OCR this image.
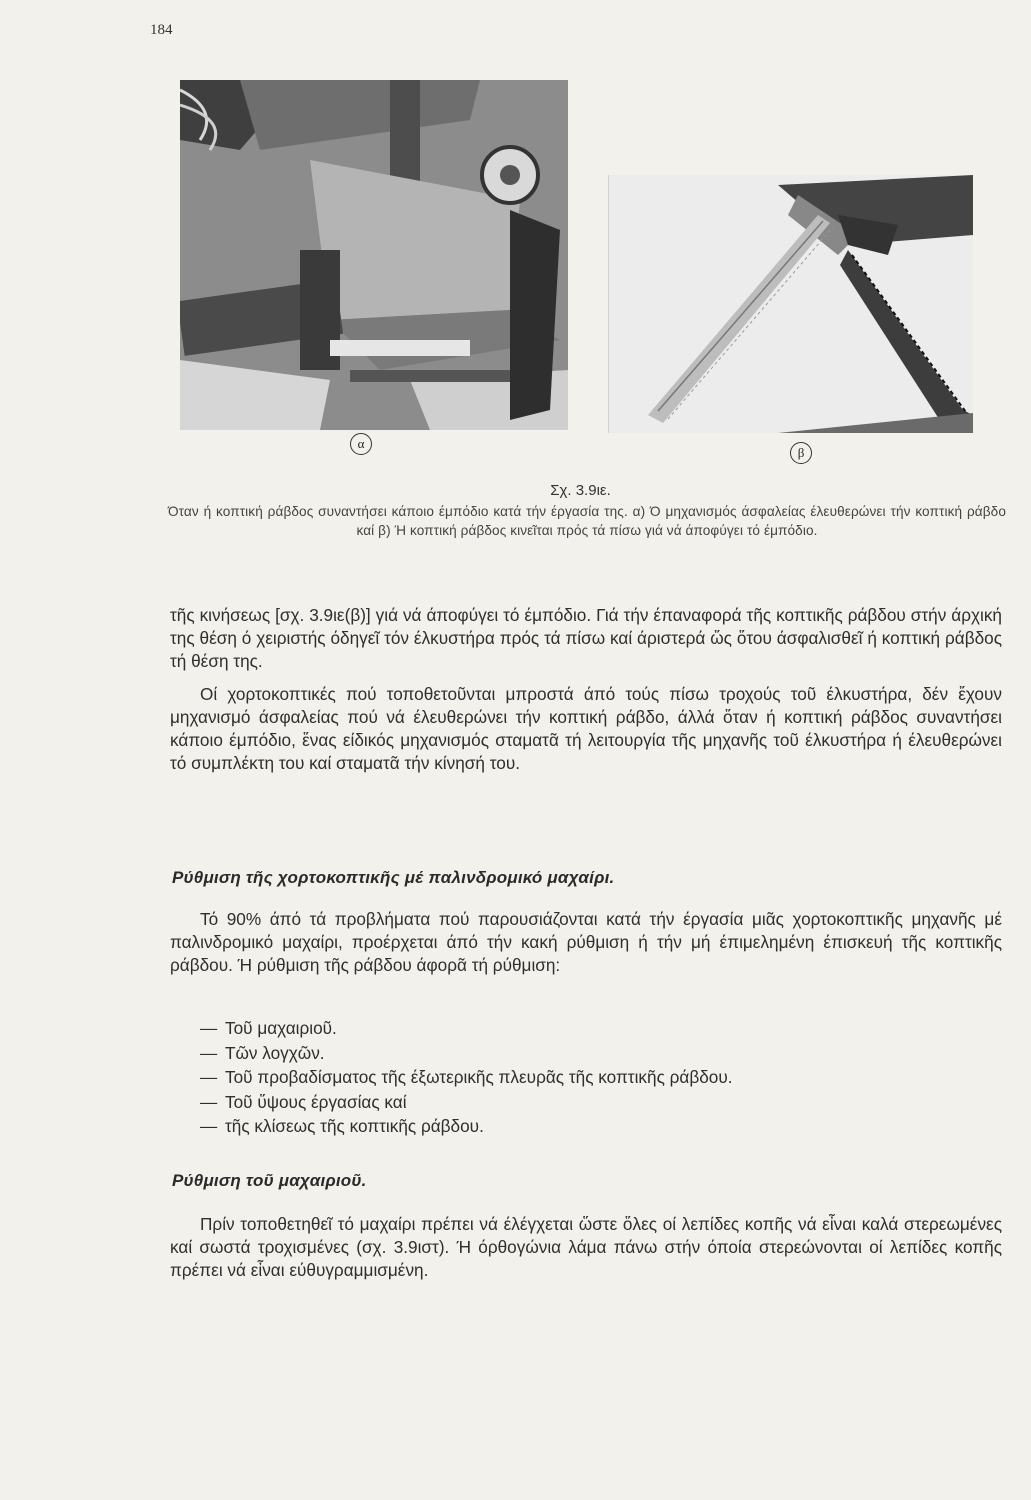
184
α
β
Σχ. 3.9ιε.
Όταν ή κοπτική ράβδος συναντήσει κάποιο έμπόδιο κατά τήν έργασία της. α) Ό μηχανισμός άσφαλείας έλευθερώνει τήν κοπτική ράβδο καί β) Ή κοπτική ράβδος κινεῖται πρός τά πίσω γιά νά άποφύγει τό έμπόδιο.

τῆς κινήσεως [σχ. 3.9ιε(β)] γιά νά άποφύγει τό έμπόδιο. Γιά τήν έπαναφορά τῆς κοπτικῆς ράβδου στήν άρχική της θέση ό χειριστής όδηγεῖ τόν έλκυστήρα πρός τά πίσω καί άριστερά ὥς ὅτου άσφαλισθεῖ ή κοπτική ράβδος τή θέση της.

Οί χορτοκοπτικές πού τοποθετοῦνται μπροστά άπό τούς πίσω τροχούς τοῦ έλκυστήρα, δέν ἔχουν μηχανισμό άσφαλείας πού νά έλευθερώνει τήν κοπτική ράβδο, άλλά ὅταν ή κοπτική ράβδος συναντήσει κάποιο έμπόδιο, ἕνας είδικός μηχανισμός σταματᾶ τή λειτουργία τῆς μηχανῆς τοῦ έλκυστήρα ή έλευθερώνει τό συμπλέκτη του καί σταματᾶ τήν κίνησή του.

Ρύθμιση τῆς χορτοκοπτικῆς μέ παλινδρομικό μαχαίρι.

Τό 90% άπό τά προβλήματα πού παρουσιάζονται κατά τήν έργασία μιᾶς χορτοκοπτικῆς μηχανῆς μέ παλινδρομικό μαχαίρι, προέρχεται άπό τήν κακή ρύθμιση ή τήν μή έπιμελημένη έπισκευή τῆς κοπτικῆς ράβδου. Ή ρύθμιση τῆς ράβδου άφορᾶ τή ρύθμιση:

— Τοῦ μαχαιριοῦ.
— Τῶν λογχῶν.
— Τοῦ προβαδίσματος τῆς έξωτερικῆς πλευρᾶς τῆς κοπτικῆς ράβδου.
— Τοῦ ὕψους έργασίας καί
— τῆς κλίσεως τῆς κοπτικῆς ράβδου.
Ρύθμιση τοῦ μαχαιριοῦ.

Πρίν τοποθετηθεῖ τό μαχαίρι πρέπει νά έλέγχεται ὥστε ὅλες οί λεπίδες κοπῆς νά εἶναι καλά στερεωμένες καί σωστά τροχισμένες (σχ. 3.9ιστ). Ή όρθογώνια λάμα πάνω στήν όποία στερεώνονται οί λεπίδες κοπῆς πρέπει νά εἶναι εύθυγραμμισμένη.
